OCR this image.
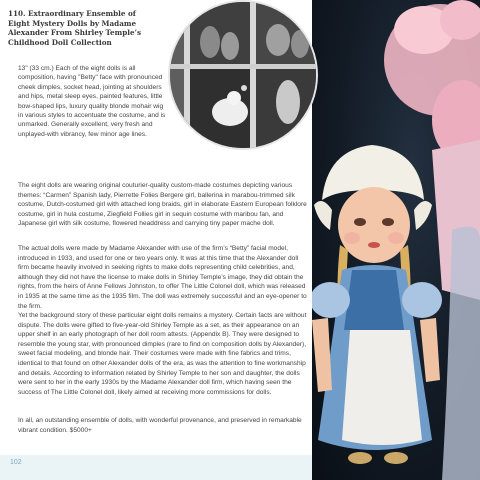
110. Extraordinary Ensemble of Eight Mystery Dolls by Madame Alexander From Shirley Temple’s Childhood Doll Collection

13" (33 cm.) Each of the eight dolls is all composition, having "Betty" face with pronounced cheek dimples, socket head, jointing at shoulders and hips, metal sleep eyes, painted features, little bow-shaped lips, luxury quality blonde mohair wig in various styles to accentuate the costume, and is unmarked. Generally excellent, very fresh and unplayed-with vibrancy, few minor age lines.

The eight dolls are wearing original couturier-quality custom-made costumes depicting various themes: “Carmen” Spanish lady, Pierrette Folies Bergere girl, ballerina in marabou-trimmed silk costume, Dutch-costumed girl with attached long braids, girl in elaborate Eastern European folklore costume, girl in hula costume, Ziegfield Follies girl in sequin costume with maribou fan, and Japanese girl with silk costume, flowered headdress and carrying tiny paper mache doll.

The actual dolls were made by Madame Alexander with use of the firm’s “Betty” facial model, introduced in 1933, and used for one or two years only. It was at this time that the Alexander doll firm became heavily involved in seeking rights to make dolls representing child celebrities, and, although they did not have the license to make dolls in Shirley Temple’s image, they did obtain the rights, from the heirs of Anne Fellows Johnston, to offer The Little Colonel doll, which was released in 1935 at the same time as the 1935 film. The doll was extremely successful and an eye-opener to the firm.

Yet the background story of these particular eight dolls remains a mystery. Certain facts are without dispute. The dolls were gifted to five-year-old Shirley Temple as a set, as their appearance on an upper shelf in an early photograph of her doll room attests. (Appendix B). They were designed to resemble the young star, with pronounced dimples (rare to find on composition dolls by Alexander), sweet facial modeling, and blonde hair. Their costumes were made with fine fabrics and trims, identical to that found on other Alexander dolls of the era, as was the attention to fine workmanship and details. According to information related by Shirley Temple to her son and daughter, the dolls were sent to her in the early 1930s by the Madame Alexander doll firm, which having seen the success of The Little Colonel doll, likely aimed at receiving more commissions for dolls.

In all, an outstanding ensemble of dolls, with wonderful provenance, and preserved in remarkable vibrant condition. $5000+

102
